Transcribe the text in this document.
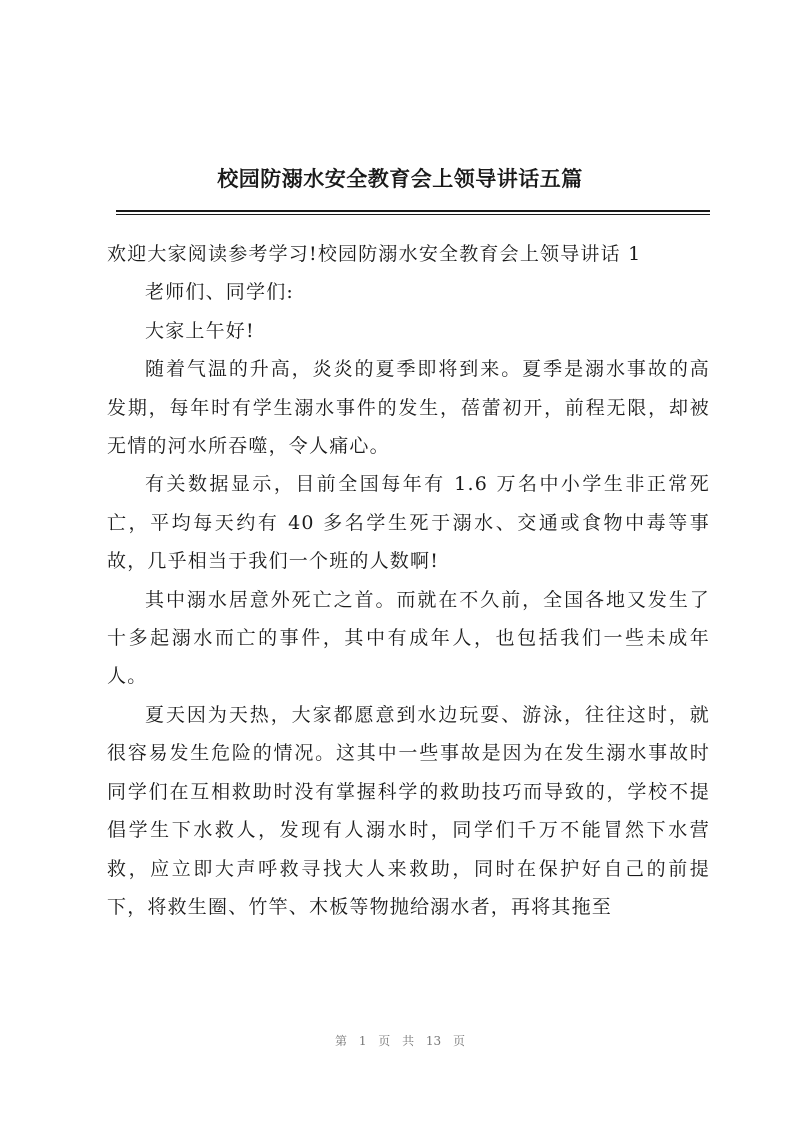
校园防溺水安全教育会上领导讲话五篇

欢迎大家阅读参考学习!校园防溺水安全教育会上领导讲话 1

老师们、同学们:

大家上午好!

随着气温的升高，炎炎的夏季即将到来。夏季是溺水事故的高发期，每年时有学生溺水事件的发生，蓓蕾初开，前程无限，却被无情的河水所吞噬，令人痛心。

有关数据显示，目前全国每年有 1.6 万名中小学生非正常死亡，平均每天约有 40 多名学生死于溺水、交通或食物中毒等事故，几乎相当于我们一个班的人数啊!

其中溺水居意外死亡之首。而就在不久前，全国各地又发生了十多起溺水而亡的事件，其中有成年人，也包括我们一些未成年人。

夏天因为天热，大家都愿意到水边玩耍、游泳，往往这时，就很容易发生危险的情况。这其中一些事故是因为在发生溺水事故时同学们在互相救助时没有掌握科学的救助技巧而导致的，学校不提倡学生下水救人，发现有人溺水时，同学们千万不能冒然下水营救，应立即大声呼救寻找大人来救助，同时在保护好自己的前提下，将救生圈、竹竿、木板等物抛给溺水者，再将其拖至

第 1 页 共 13 页
